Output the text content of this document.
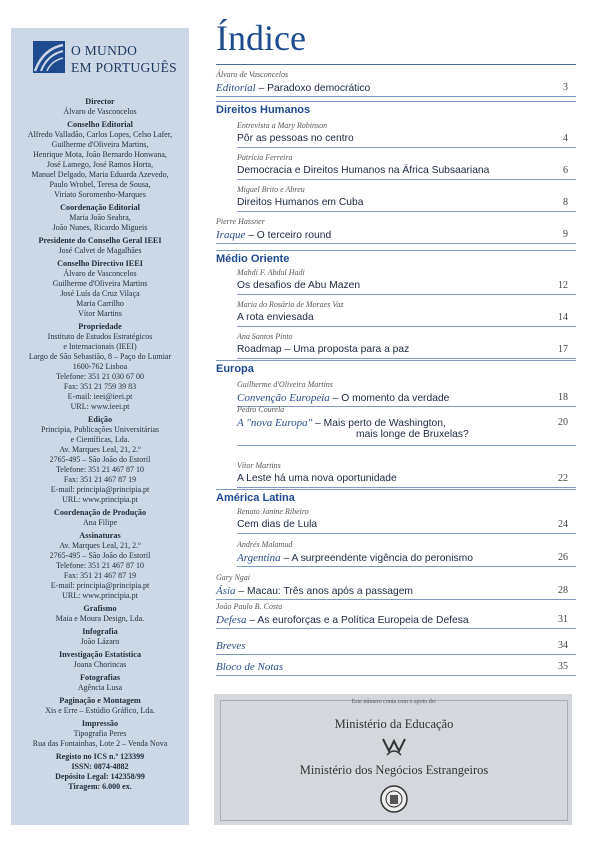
O MUNDO
EM PORTUGUÊS
Director
Álvaro de Vasconcelos
Conselho Editorial
Alfredo Valladão, Carlos Lopes, Celso Lafer,
Guilherme d'Oliveira Martins,
Henrique Mota, João Bernardo Honwana,
José Lamego, José Ramos Horta,
Manuel Delgado, Maria Eduarda Azevedo,
Paulo Wrobel, Teresa de Sousa,
Viriato Soromenho-Marques
Coordenação Editorial
Maria João Seabra,
João Nunes, Ricardo Migueis
Presidente do Conselho Geral IEEI
José Calvet de Magalhães
Conselho Directivo IEEI
Álvaro de Vasconcelos
Guilherme d'Oliveira Martins
José Luís da Cruz Vilaça
Maria Carrilho
Vítor Martins
Propriedade
Instituto de Estudos Estratégicos
e Internacionais (IEEI)
Largo de São Sebastião, 8 – Paço do Lumiar
1600-762 Lisboa
Telefone: 351 21 030 67 00
Fax: 351 21 759 39 83
E-mail: ieei@ieei.pt
URL: www.ieei.pt
Edição
Principia, Publicações Universitárias
e Científicas, Lda.
Av. Marques Leal, 21, 2.º
2765-495 – São João do Estoril
Telefone: 351 21 467 87 10
Fax: 351 21 467 87 19
E-mail: principia@principia.pt
URL: www.principia.pt
Coordenação de Produção
Ana Filipe
Assinaturas
Av. Marques Leal, 21, 2.º
2765-495 – São João do Estoril
Telefone: 351 21 467 87 10
Fax: 351 21 467 87 19
E-mail: principia@principia.pt
URL: www.principia.pt
Grafismo
Maia e Moura Design, Lda.
Infografia
João Lázaro
Investigação Estatística
Joana Chorincas
Fotografias
Agência Lusa
Paginação e Montagem
Xis e Erre – Estúdio Gráfico, Lda.
Impressão
Tipografia Peres
Rua das Fontainhas, Lote 2 – Venda Nova
Registo no ICS n.º 123399
ISSN: 0874-4882
Depósito Legal: 142358/99
Tiragem: 6.000 ex.
Índice
Álvaro de Vasconcelos
Editorial – Paradoxo democrático	3
Direitos Humanos
Entrevista a Mary Robinson
Pôr as pessoas no centro	4
Patrícia Ferreira
Democracia e Direitos Humanos na África Subsaariana	6
Miguel Brito e Abreu
Direitos Humanos em Cuba	8
Pierre Hassner
Iraque – O terceiro round	9
Médio Oriente
Mahdi F. Abdul Hadi
Os desafios de Abu Mazen	12
Maria do Rosário de Moraes Vaz
A rota enviesada	14
Ana Santos Pinto
Roadmap – Uma proposta para a paz	17
Europa
Guilherme d'Oliveira Martins
Convenção Europeia – O momento da verdade	18
Pedro Courela
A "nova Europa" – Mais perto de Washington,	20
mais longe de Bruxelas?
Vítor Martins
A Leste há uma nova oportunidade	22
América Latina
Renato Janine Ribeiro
Cem dias de Lula	24
Andrés Malamud
Argentina – A surpreendente vigência do peronismo	26
Gary Ngai
Ásia – Macau: Três anos após a passagem	28
João Paulo B. Costa
Defesa – As euroforças e a Política Europeia de Defesa	31
Breves	34
Bloco de Notas	35
Este número conta com o apoio do:
Ministério da Educação
Ministério dos Negócios Estrangeiros
